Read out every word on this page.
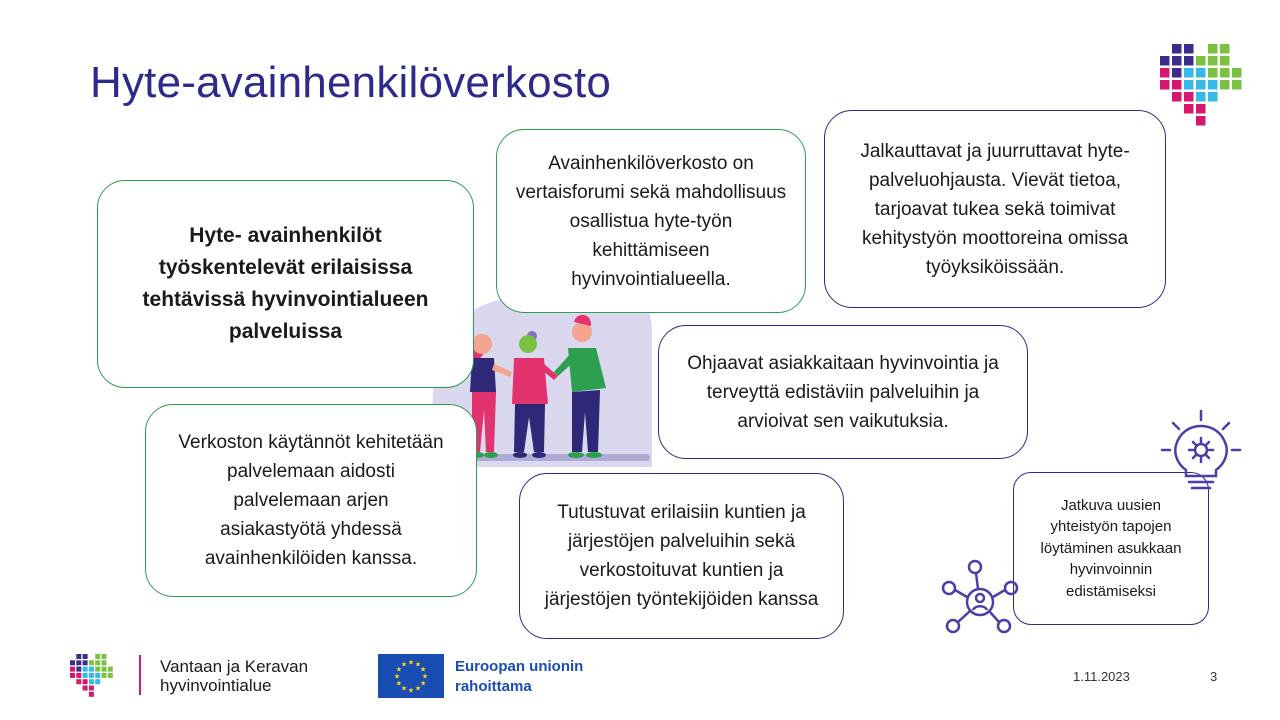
Hyte-avainhenkilöverkosto
Hyte- avainhenkilöt työskentelevät erilaisissa tehtävissä hyvinvointialueen palveluissa
Avainhenkilöverkosto on vertaisforumi sekä mahdollisuus osallistua hyte-työn kehittämiseen hyvinvointialueella.
Jalkauttavat ja juurruttavat hyte-palveluohjausta. Vievät tietoa, tarjoavat tukea sekä toimivat kehitystyön moottoreina omissa työyksiköissään.
Ohjaavat asiakkaitaan hyvinvointia ja terveyttä edistäviin palveluihin ja arvioivat sen vaikutuksia.
Verkoston käytännöt kehitetään palvelemaan aidosti palvelemaan arjen asiakastyötä yhdessä avainhenkilöiden kanssa.
Tutustuvat erilaisiin kuntien ja järjestöjen palveluihin sekä verkostoituvat kuntien ja järjestöjen työntekijöiden kanssa
Jatkuva uusien yhteistyön tapojen löytäminen asukkaan hyvinvoinnin edistämiseksi
Vantaan ja Keravan
hyvinvointialue	★
★
★
★
★
★
★
★
★ ★ ★
★ Euroopan unionin
rahoittama
1.11.2023	3
